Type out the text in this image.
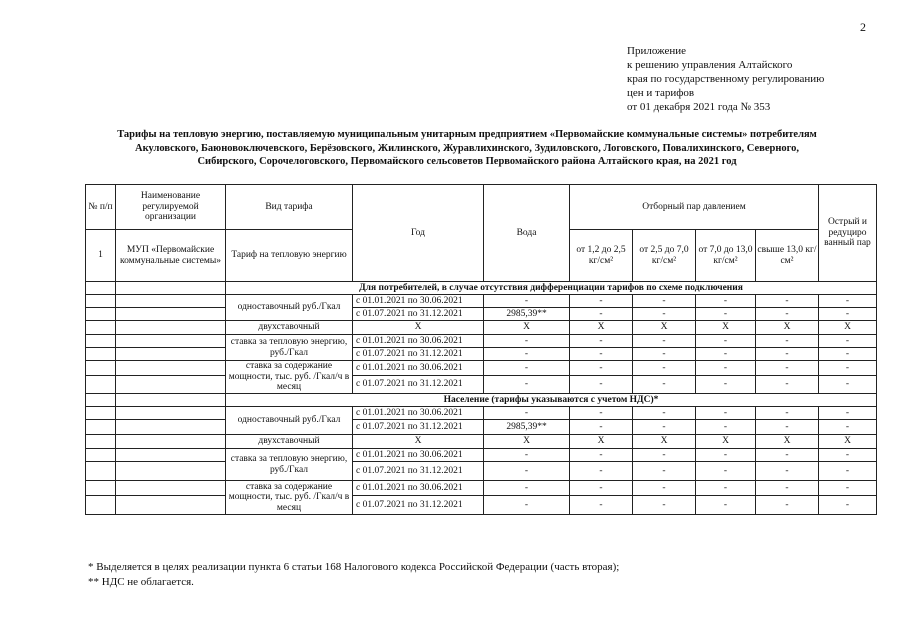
2
Приложение
к решению управления Алтайского
края по государственному регулированию
цен и тарифов
от 01 декабря 2021 года № 353
Тарифы на тепловую энергию, поставляемую муниципальным унитарным предприятием «Первомайские коммунальные системы» потребителям
Акуловского, Баюновоключевского, Берёзовского, Жилинского, Журавлихинского, Зудиловского, Логовского, Повалихинского, Северного,
Сибирского, Сорочелоговского, Первомайского сельсоветов Первомайского района Алтайского края, на 2021 год
№ п/п	Наименование регулируемой организации	Вид тарифа	Год	Вода	Отборный пар давлением				Острый и редуциро ванный пар
1	МУП «Первомайские коммунальные системы»	Тариф на тепловую энергию			от 1,2 до 2,5 кг/см²	от 2,5 до 7,0 кг/см²	от 7,0 до 13,0 кг/см²	свыше 13,0 кг/см²	
		Для потребителей, в случае отсутствия дифференциации тарифов по схеме подключения							
		одноставочный руб./Гкал	с 01.01.2021 по 30.06.2021	-	-	-	-	-	-
			с 01.07.2021 по 31.12.2021	2985,39**	-	-	-	-	-
		двухставочный	Х	Х	Х	Х	Х	Х	Х
		ставка за тепловую энергию, руб./Гкал	с 01.01.2021 по 30.06.2021	-	-	-	-	-	-
			с 01.07.2021 по 31.12.2021	-	-	-	-	-	-
		ставка за содержание мощности, тыс. руб. /Гкал/ч в месяц	с 01.01.2021 по 30.06.2021	-	-	-	-	-	-
			с 01.07.2021 по 31.12.2021	-	-	-	-	-	-
		Население (тарифы указываются с учетом НДС)*							
		одноставочный руб./Гкал	с 01.01.2021 по 30.06.2021	-	-	-	-	-	-
			с 01.07.2021 по 31.12.2021	2985,39**	-	-	-	-	-
		двухставочный	Х	Х	Х	Х	Х	Х	Х
		ставка за тепловую энергию, руб./Гкал	с 01.01.2021 по 30.06.2021	-	-	-	-	-	-
			с 01.07.2021 по 31.12.2021	-	-	-	-	-	-
		ставка за содержание мощности, тыс. руб. /Гкал/ч в месяц	с 01.01.2021 по 30.06.2021	-	-	-	-	-	-
			с 01.07.2021 по 31.12.2021	-	-	-	-	-	-
* Выделяется в целях реализации пункта 6 статьи 168 Налогового кодекса Российской Федерации (часть вторая);
** НДС не облагается.
